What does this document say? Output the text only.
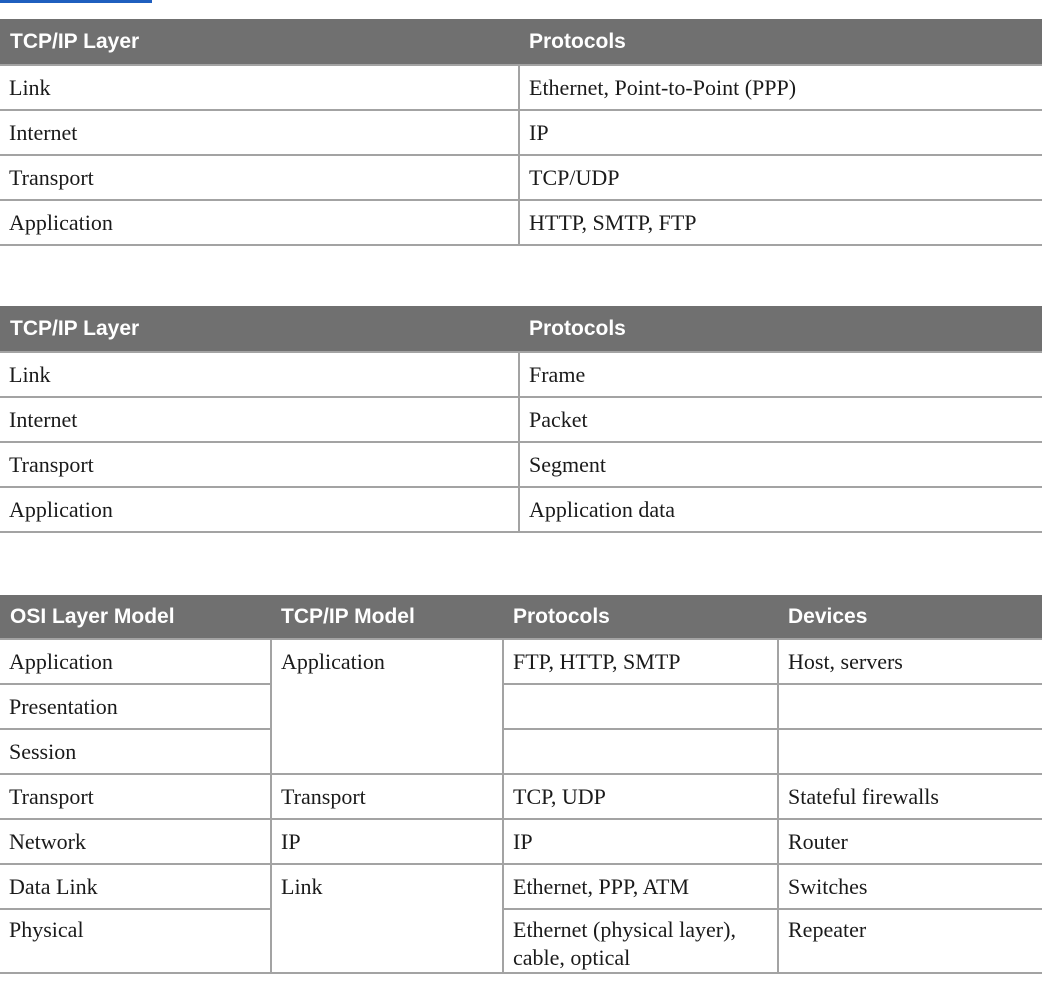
TCP/IP Layer	Protocols
Link	Ethernet, Point-to-Point (PPP)
Internet	IP
Transport	TCP/UDP
Application	HTTP, SMTP, FTP
TCP/IP Layer	Protocols
Link	Frame
Internet	Packet
Transport	Segment
Application	Application data
OSI Layer Model	TCP/IP Model	Protocols	Devices
Application	Application	FTP, HTTP, SMTP	Host, servers
Presentation			
Session			
Transport	Transport	TCP, UDP	Stateful firewalls
Network	IP	IP	Router
Data Link	Link	Ethernet, PPP, ATM	Switches
Physical		Ethernet (physical layer), cable, optical	Repeater
